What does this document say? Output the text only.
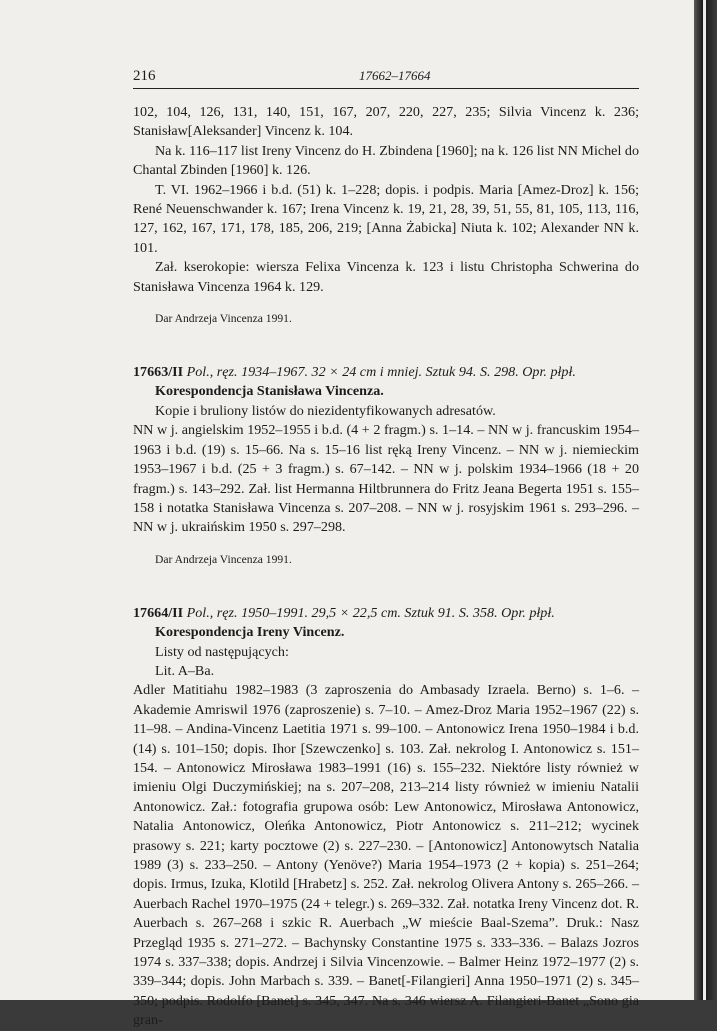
216	17662–17664

102, 104, 126, 131, 140, 151, 167, 207, 220, 227, 235; Silvia Vincenz k. 236; Stanisław[Aleksander] Vincenz k. 104.

Na k. 116–117 list Ireny Vincenz do H. Zbindena [1960]; na k. 126 list NN Michel do Chantal Zbinden [1960] k. 126.

T. VI. 1962–1966 i b.d. (51) k. 1–228; dopis. i podpis. Maria [Amez-Droz] k. 156; René Neuenschwander k. 167; Irena Vincenz k. 19, 21, 28, 39, 51, 55, 81, 105, 113, 116, 127, 162, 167, 171, 178, 185, 206, 219; [Anna Żabicka] Niuta k. 102; Alexander NN k. 101.

Zał. kserokopie: wiersza Felixa Vincenza k. 123 i listu Christopha Schwerina do Stanisława Vincenza 1964 k. 129.

Dar Andrzeja Vincenza 1991.

17663/II Pol., ręz. 1934–1967. 32 × 24 cm i mniej. Sztuk 94. S. 298. Opr. płpł.

Korespondencja Stanisława Vincenza.

Kopie i bruliony listów do niezidentyfikowanych adresatów.

NN w j. angielskim 1952–1955 i b.d. (4 + 2 fragm.) s. 1–14. – NN w j. francuskim 1954–1963 i b.d. (19) s. 15–66. Na s. 15–16 list ręką Ireny Vincenz. – NN w j. niemieckim 1953–1967 i b.d. (25 + 3 fragm.) s. 67–142. – NN w j. polskim 1934–1966 (18 + 20 fragm.) s. 143–292. Zał. list Hermanna Hiltbrunnera do Fritz Jeana Begerta 1951 s. 155–158 i notatka Stanisława Vincenza s. 207–208. – NN w j. rosyjskim 1961 s. 293–296. – NN w j. ukraińskim 1950 s. 297–298.

Dar Andrzeja Vincenza 1991.

17664/II Pol., ręz. 1950–1991. 29,5 × 22,5 cm. Sztuk 91. S. 358. Opr. płpł.

Korespondencja Ireny Vincenz.

Listy od następujących:

Lit. A–Ba.

Adler Matitiahu 1982–1983 (3 zaproszenia do Ambasady Izraela. Berno) s. 1–6. – Akademie Amriswil 1976 (zaproszenie) s. 7–10. – Amez-Droz Maria 1952–1967 (22) s. 11–98. – Andina-Vincenz Laetitia 1971 s. 99–100. – Antonowicz Irena 1950–1984 i b.d. (14) s. 101–150; dopis. Ihor [Szewczenko] s. 103. Zał. nekrolog I. Antonowicz s. 151–154. – Antonowicz Mirosława 1983–1991 (16) s. 155–232. Niektóre listy również w imieniu Olgi Duczymińskiej; na s. 207–208, 213–214 listy również w imieniu Natalii Antonowicz. Zał.: fotografia grupowa osób: Lew Antonowicz, Mirosława Antonowicz, Natalia Antonowicz, Oleńka Antonowicz, Piotr Antonowicz s. 211–212; wycinek prasowy s. 221; karty pocztowe (2) s. 227–230. – [Antonowicz] Antonowytsch Natalia 1989 (3) s. 233–250. – Antony (Yenöve?) Maria 1954–1973 (2 + kopia) s. 251–264; dopis. Irmus, Izuka, Klotild [Hrabetz] s. 252. Zał. nekrolog Olivera Antony s. 265–266. – Auerbach Rachel 1970–1975 (24 + telegr.) s. 269–332. Zał. notatka Ireny Vincenz dot. R. Auerbach s. 267–268 i szkic R. Auerbach „W mieście Baal-Szema”. Druk.: Nasz Przegląd 1935 s. 271–272. – Bachynsky Constantine 1975 s. 333–336. – Balazs Jozros 1974 s. 337–338; dopis. Andrzej i Silvia Vincenzowie. – Balmer Heinz 1972–1977 (2) s. 339–344; dopis. John Marbach s. 339. – Banet[-Filangieri] Anna 1950–1971 (2) s. 345–350; podpis. Rodolfo [Banet] s. 345, 347. Na s. 346 wiersz A. Filangieri-Banet „Sono gia gran-
